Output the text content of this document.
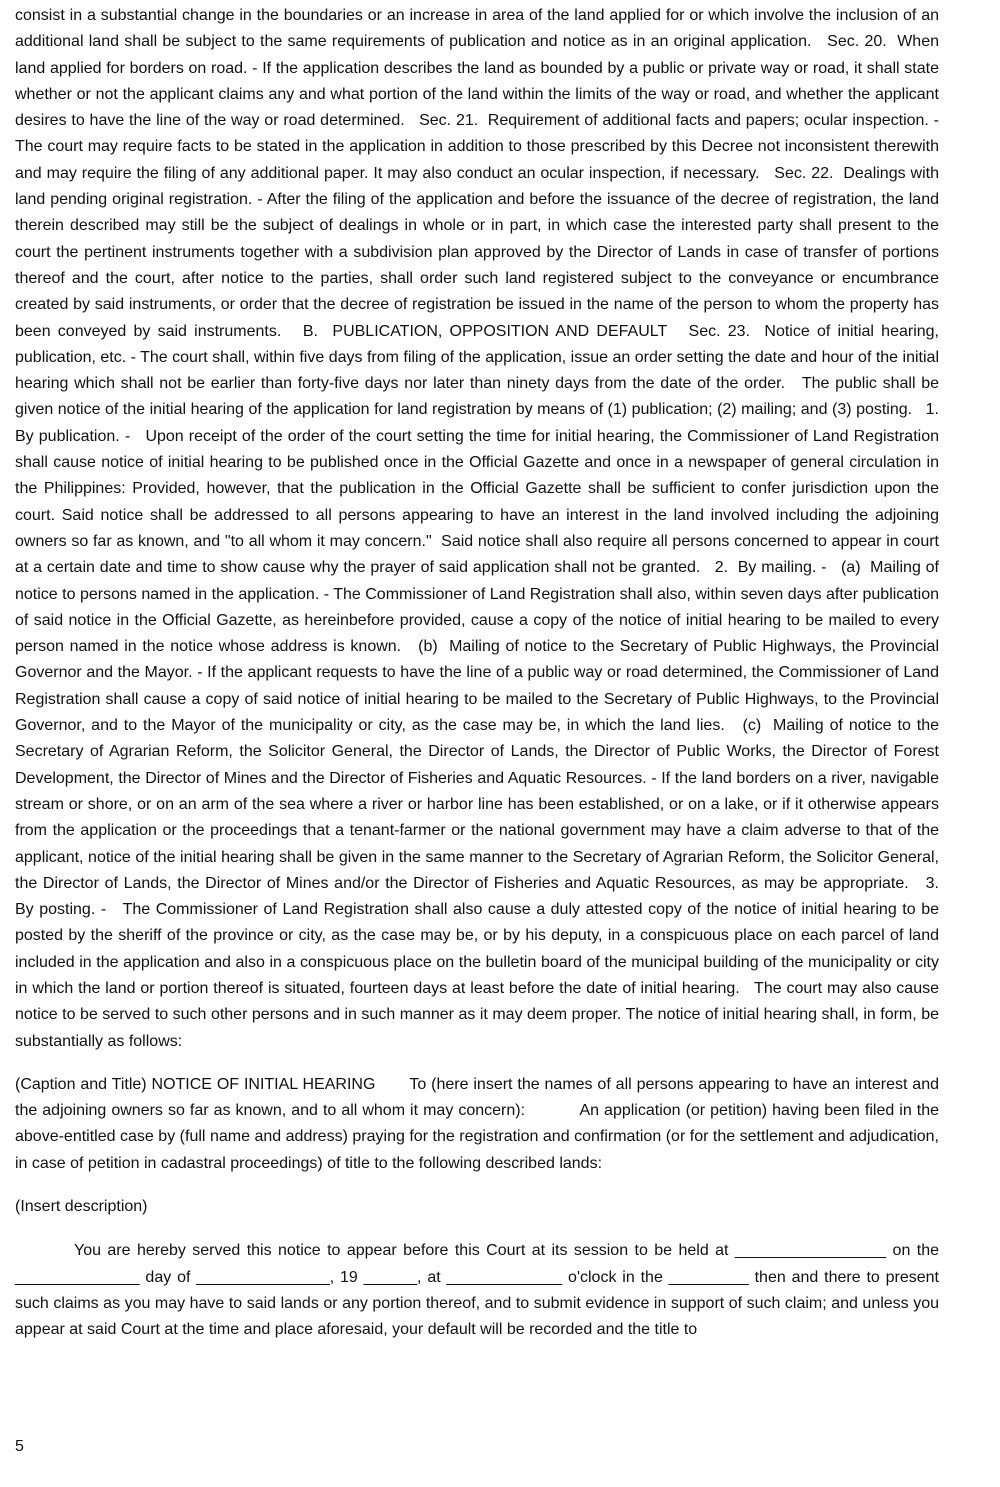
consist in a substantial change in the boundaries or an increase in area of the land applied for or which involve the inclusion of an additional land shall be subject to the same requirements of publication and notice as in an original application.   Sec. 20.  When land applied for borders on road. - If the application describes the land as bounded by a public or private way or road, it shall state whether or not the applicant claims any and what portion of the land within the limits of the way or road, and whether the applicant desires to have the line of the way or road determined.   Sec. 21.  Requirement of additional facts and papers; ocular inspection. - The court may require facts to be stated in the application in addition to those prescribed by this Decree not inconsistent therewith and may require the filing of any additional paper. It may also conduct an ocular inspection, if necessary.   Sec. 22.  Dealings with land pending original registration. - After the filing of the application and before the issuance of the decree of registration, the land therein described may still be the subject of dealings in whole or in part, in which case the interested party shall present to the court the pertinent instruments together with a subdivision plan approved by the Director of Lands in case of transfer of portions thereof and the court, after notice to the parties, shall order such land registered subject to the conveyance or encumbrance created by said instruments, or order that the decree of registration be issued in the name of the person to whom the property has been conveyed by said instruments.   B.  PUBLICATION, OPPOSITION AND DEFAULT   Sec. 23.  Notice of initial hearing, publication, etc. - The court shall, within five days from filing of the application, issue an order setting the date and hour of the initial hearing which shall not be earlier than forty-five days nor later than ninety days from the date of the order.   The public shall be given notice of the initial hearing of the application for land registration by means of (1) publication; (2) mailing; and (3) posting.   1.  By publication. -   Upon receipt of the order of the court setting the time for initial hearing, the Commissioner of Land Registration shall cause notice of initial hearing to be published once in the Official Gazette and once in a newspaper of general circulation in the Philippines: Provided, however, that the publication in the Official Gazette shall be sufficient to confer jurisdiction upon the court. Said notice shall be addressed to all persons appearing to have an interest in the land involved including the adjoining owners so far as known, and "to all whom it may concern."  Said notice shall also require all persons concerned to appear in court at a certain date and time to show cause why the prayer of said application shall not be granted.   2.  By mailing. -   (a)  Mailing of notice to persons named in the application. - The Commissioner of Land Registration shall also, within seven days after publication of said notice in the Official Gazette, as hereinbefore provided, cause a copy of the notice of initial hearing to be mailed to every person named in the notice whose address is known.   (b)  Mailing of notice to the Secretary of Public Highways, the Provincial Governor and the Mayor. - If the applicant requests to have the line of a public way or road determined, the Commissioner of Land Registration shall cause a copy of said notice of initial hearing to be mailed to the Secretary of Public Highways, to the Provincial Governor, and to the Mayor of the municipality or city, as the case may be, in which the land lies.   (c)  Mailing of notice to the Secretary of Agrarian Reform, the Solicitor General, the Director of Lands, the Director of Public Works, the Director of Forest Development, the Director of Mines and the Director of Fisheries and Aquatic Resources. - If the land borders on a river, navigable stream or shore, or on an arm of the sea where a river or harbor line has been established, or on a lake, or if it otherwise appears from the application or the proceedings that a tenant-farmer or the national government may have a claim adverse to that of the applicant, notice of the initial hearing shall be given in the same manner to the Secretary of Agrarian Reform, the Solicitor General, the Director of Lands, the Director of Mines and/or the Director of Fisheries and Aquatic Resources, as may be appropriate.   3.  By posting. -   The Commissioner of Land Registration shall also cause a duly attested copy of the notice of initial hearing to be posted by the sheriff of the province or city, as the case may be, or by his deputy, in a conspicuous place on each parcel of land included in the application and also in a conspicuous place on the bulletin board of the municipal building of the municipality or city in which the land or portion thereof is situated, fourteen days at least before the date of initial hearing.   The court may also cause notice to be served to such other persons and in such manner as it may deem proper. The notice of initial hearing shall, in form, be substantially as follows:

(Caption and Title) NOTICE OF INITIAL HEARING       To (here insert the names of all persons appearing to have an interest and the adjoining owners so far as known, and to all whom it may concern):           An application (or petition) having been filed in the above-entitled case by (full name and address) praying for the registration and confirmation (or for the settlement and adjudication, in case of petition in cadastral proceedings) of title to the following described lands:

(Insert description)

You are hereby served this notice to appear before this Court at its session to be held at _________________ on the ______________ day of _______________, 19 ______, at _____________ o'clock in the _________ then and there to present such claims as you may have to said lands or any portion thereof, and to submit evidence in support of such claim; and unless you appear at said Court at the time and place aforesaid, your default will be recorded and the title to

5
